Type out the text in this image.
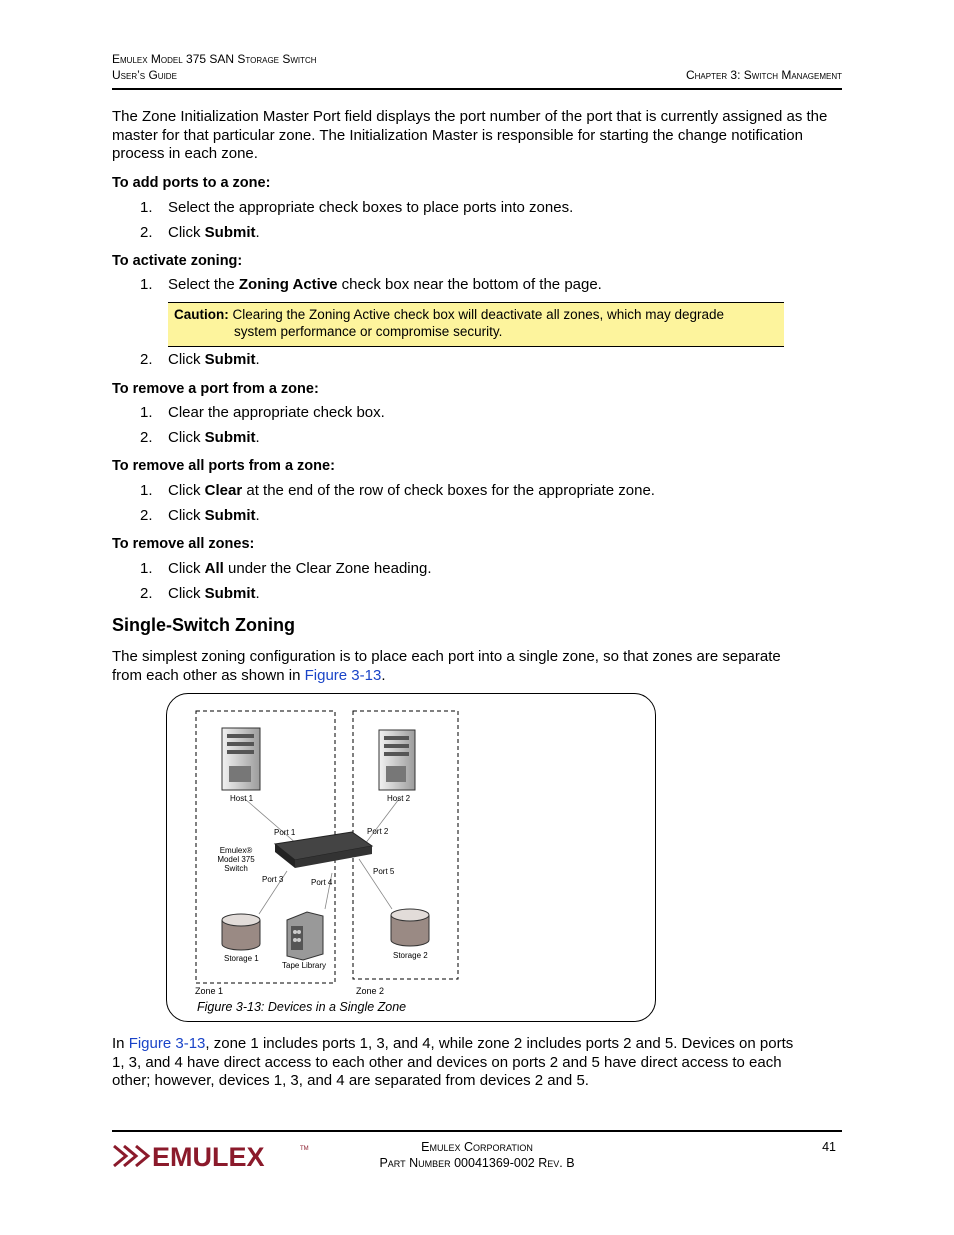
Emulex Model 375 SAN Storage Switch
User’s Guide	Chapter 3: Switch Management
The Zone Initialization Master Port field displays the port number of the port that is currently assigned as the master for that particular zone. The Initialization Master is responsible for starting the change notification process in each zone.
To add ports to a zone:
1. Select the appropriate check boxes to place ports into zones.
2. Click Submit.
To activate zoning:
1. Select the Zoning Active check box near the bottom of the page.
Caution: Clearing the Zoning Active check box will deactivate all zones, which may degrade
system performance or compromise security.
2. Click Submit.
To remove a port from a zone:
1. Clear the appropriate check box.
2. Click Submit.
To remove all ports from a zone:
1. Click Clear at the end of the row of check boxes for the appropriate zone.
2. Click Submit.
To remove all zones:
1. Click All under the Clear Zone heading.
2. Click Submit.
Single-Switch Zoning
The simplest zoning configuration is to place each port into a single zone, so that zones are separate
from each other as shown in Figure 3-13.
Host 1	Host 2
Port 1	Port 2
Port 3	Port 4
Port 5
Emulex®
Model 375
Switch
Storage 1	Storage 2
Tape Library
Zone 1	Zone 2
Figure 3-13: Devices in a Single Zone
In Figure 3-13, zone 1 includes ports 1, 3, and 4, while zone 2 includes ports 2 and 5. Devices on ports
1, 3, and 4 have direct access to each other and devices on ports 2 and 5 have direct access to each
other; however, devices 1, 3, and 4 are separated from devices 2 and 5.
EMULEX	TM	Emulex Corporation
Part Number 00041369-002 Rev. B
41
